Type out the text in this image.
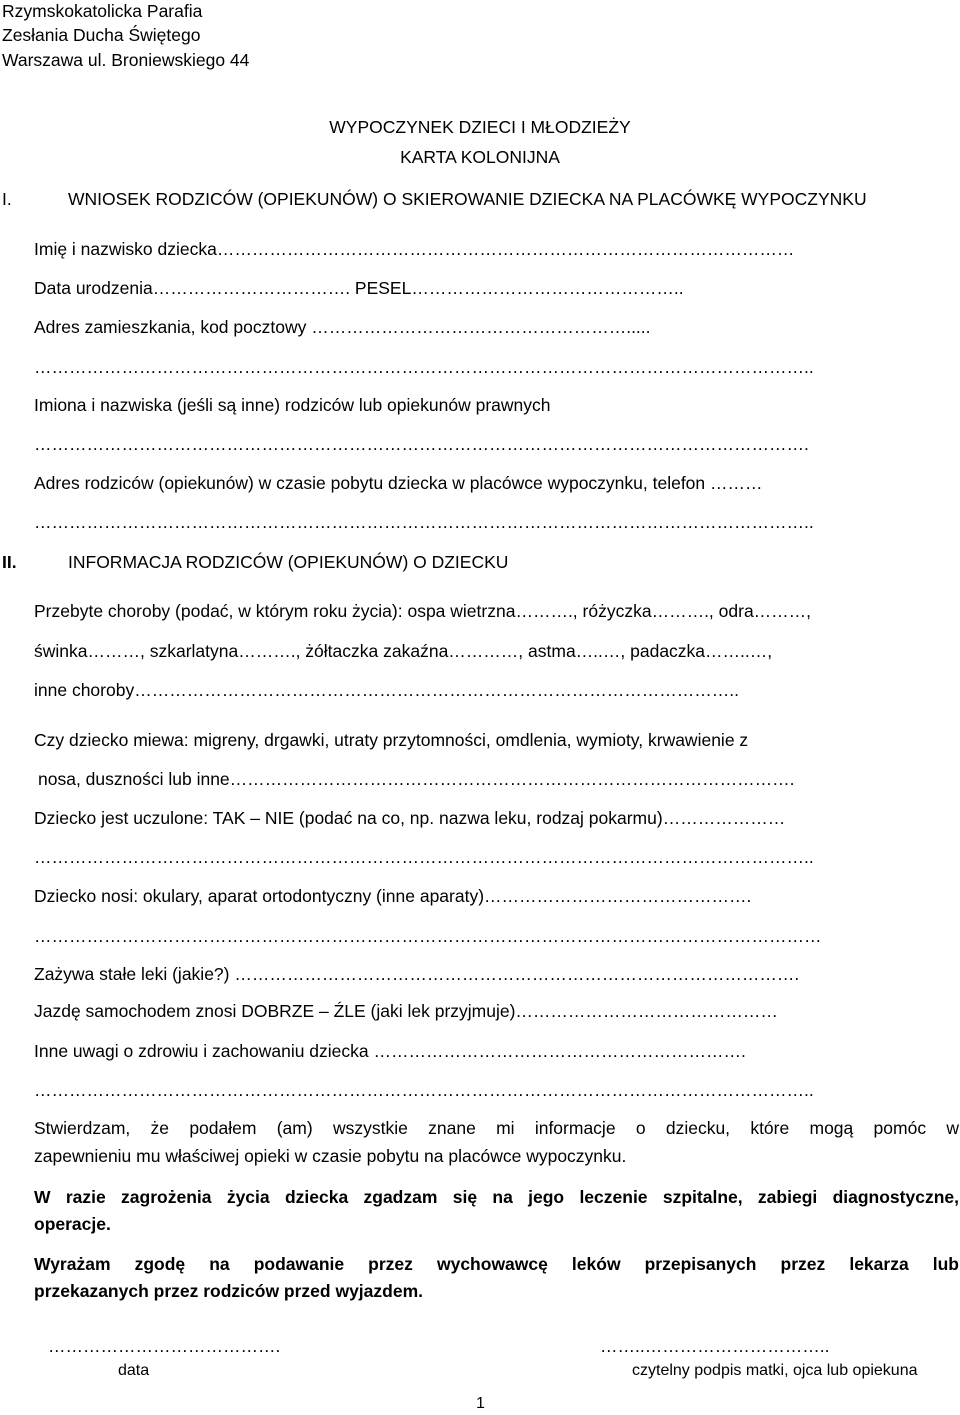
Rzymskokatolicka Parafia
Zesłania Ducha Świętego
Warszawa ul. Broniewskiego 44
WYPOCZYNEK DZIECI I MŁODZIEŻY
KARTA KOLONIJNA
I.	WNIOSEK RODZICÓW (OPIEKUNÓW) O SKIEROWANIE DZIECKA NA PLACÓWKĘ WYPOCZYNKU
Imię i nazwisko dziecka………………………………………………………………………………………
Data urodzenia……………………………. PESEL………………………………………..
Adres zamieszkania, kod pocztowy ……………………………………………….....
……………………………………………………………………………………………………………………..
Imiona i nazwiska (jeśli są inne) rodziców lub opiekunów prawnych
…………………………………………………………………………………………………………………….
Adres rodziców (opiekunów) w czasie pobytu dziecka w placówce wypoczynku, telefon ………
……………………………………………………………………………………………………………………..
II.	INFORMACJA RODZICÓW (OPIEKUNÓW) O DZIECKU
Przebyte choroby (podać, w którym roku życia): ospa wietrzna………., różyczka………., odra………,
świnka………, szkarlatyna………., żółtaczka zakaźna…………, astma…..…, padaczka……..…,
inne choroby…………………………………………………………………………………………..
Czy dziecko miewa: migreny, drgawki, utraty przytomności, omdlenia, wymioty, krwawienie z
nosa, duszności lub inne…………………………………………………………………………………….
Dziecko jest uczulone: TAK – NIE (podać na co, np. nazwa leku, rodzaj pokarmu)…………………
……………………………………………………………………………………………………………………..
Dziecko nosi: okulary, aparat ortodontyczny (inne aparaty)……………………………………….
………………………………………………………………………………………………………………………
Zażywa stałe leki (jakie?) …………………………………………………………………………………….
Jazdę samochodem znosi DOBRZE – ŹLE (jaki lek przyjmuje)………………………………………
Inne uwagi o zdrowiu i zachowaniu dziecka ……………………………………………………….
……………………………………………………………………………………………………………………..
Stwierdzam, że podałem (am) wszystkie znane mi informacje o dziecku, które mogą pomóc w
zapewnieniu mu właściwej opieki w czasie pobytu na placówce wypoczynku.
W razie zagrożenia życia dziecka zgadzam się na jego leczenie szpitalne, zabiegi diagnostyczne,
operacje.
Wyrażam zgodę na podawanie przez wychowawcę leków przepisanych przez lekarza lub
przekazanych przez rodziców przed wyjazdem.
………………………………….
data
……..…………………………..
czytelny podpis matki, ojca lub opiekuna
1
